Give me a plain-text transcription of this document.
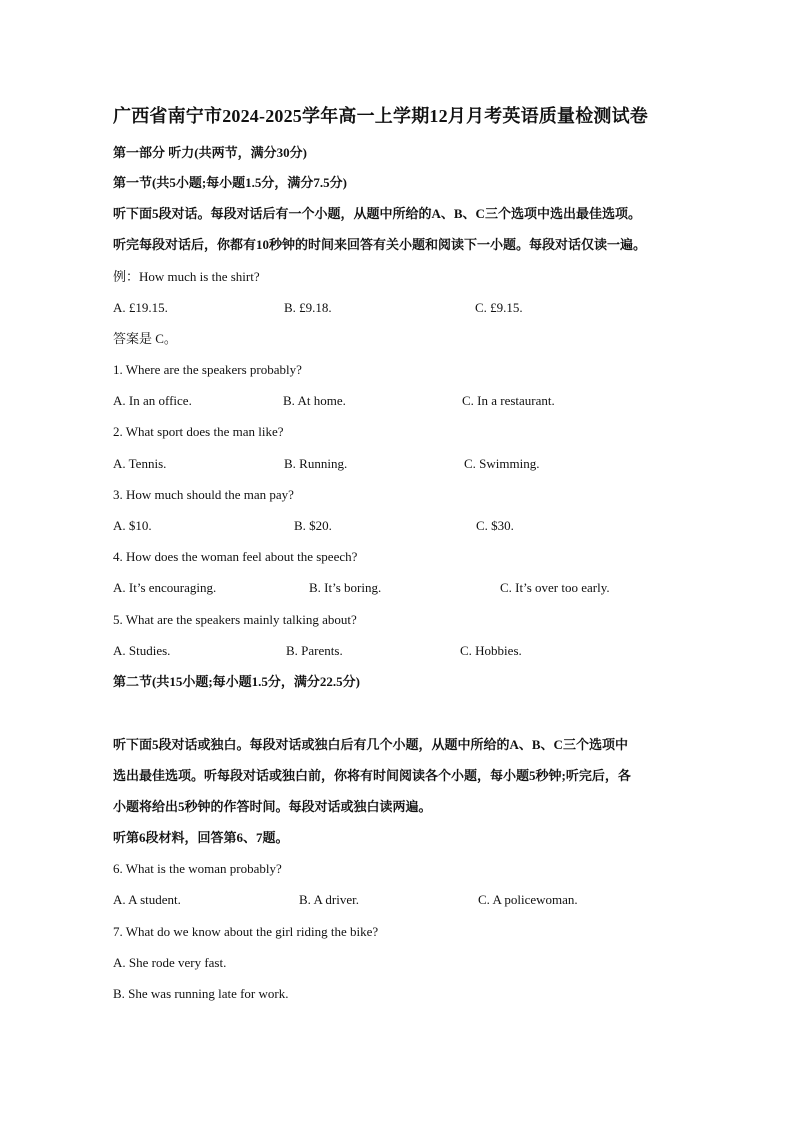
广西省南宁市2024-2025学年高一上学期12月月考英语质量检测试卷
第一部分 听力(共两节，满分30分)
第一节(共5小题;每小题1.5分，满分7.5分)
听下面5段对话。每段对话后有一个小题，从题中所给的A、B、C三个选项中选出最佳选项。
听完每段对话后，你都有10秒钟的时间来回答有关小题和阅读下一小题。每段对话仅读一遍。
例：How much is the shirt?
A. £19.15.	B. £9.18.	C. £9.15.
答案是 C。
1. Where are the speakers probably?
A. In an office.	B. At home.	C. In a restaurant.
2. What sport does the man like?
A. Tennis.	B. Running.	C. Swimming.
3. How much should the man pay?
A. $10.	B. $20.	C. $30.
4. How does the woman feel about the speech?
A. It’s encouraging.	B. It’s boring.	C. It’s over too early.
5. What are the speakers mainly talking about?
A. Studies.	B. Parents.	C. Hobbies.
第二节(共15小题;每小题1.5分，满分22.5分)
听下面5段对话或独白。每段对话或独白后有几个小题，从题中所给的A、B、C三个选项中
选出最佳选项。听每段对话或独白前，你将有时间阅读各个小题，每小题5秒钟;听完后，各
小题将给出5秒钟的作答时间。每段对话或独白读两遍。
听第6段材料，回答第6、7题。
6. What is the woman probably?
A. A student.	B. A driver.	C. A policewoman.
7. What do we know about the girl riding the bike?
A. She rode very fast.
B. She was running late for work.
